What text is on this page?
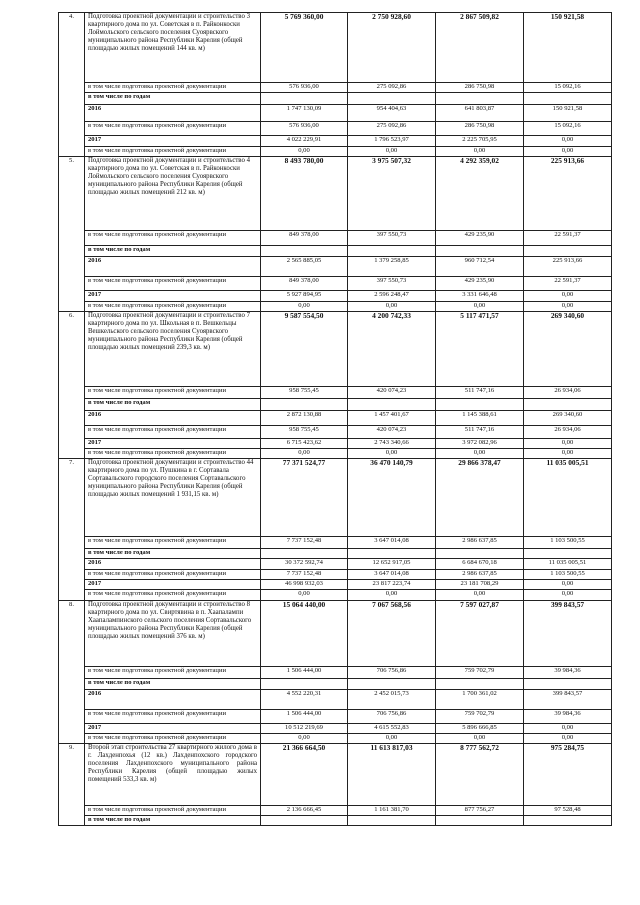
4.	Подготовка проектной документации и строительство 3 квартирного дома по ул. Советская в п. Райконкоски Лоймольского сельского поселения Суоярвского муниципального района Республики Карелия (общей площадью жилых помещений 144 кв. м)	5 769 360,00	2 750 928,60	2 867 509,82	150 921,58
	в том числе подготовка проектной документации	576 936,00	275 092,86	286 750,98	15 092,16
	в том числе по годам				
	2016	1 747 130,09	954 404,63	641 803,87	150 921,58
	в том числе подготовка проектной документации	576 936,00	275 092,86	286 750,98	15 092,16
	2017	4 022 229,91	1 796 523,97	2 225 705,95	0,00
	в том числе подготовка проектной документации	0,00	0,00	0,00	0,00
5.	Подготовка проектной документации и строительство 4 квартирного дома по ул. Советская в п. Райконкоски Лоймольского сельского поселения Суоярвского муниципального района Республики Карелия (общей площадью жилых помещений 212 кв. м)	8 493 780,00	3 975 507,32	4 292 359,02	225 913,66
	в том числе подготовка проектной документации	849 378,00	397 550,73	429 235,90	22 591,37
	в том числе по годам				
	2016	2 565 885,05	1 379 258,85	960 712,54	225 913,66
	в том числе подготовка проектной документации	849 378,00	397 550,73	429 235,90	22 591,37
	2017	5 927 894,95	2 596 248,47	3 331 646,48	0,00
	в том числе подготовка проектной документации	0,00	0,00	0,00	0,00
6.	Подготовка проектной документации и строительство 7 квартирного дома по ул. Школьная в п. Вешкельцы Вешкельского сельского поселения Суоярвского муниципального района Республики Карелия (общей площадью жилых помещений 239,3 кв. м)	9 587 554,50	4 200 742,33	5 117 471,57	269 340,60
	в том числе подготовка проектной документации	958 755,45	420 074,23	511 747,16	26 934,06
	в том числе по годам				
	2016	2 872 130,88	1 457 401,67	1 145 388,61	269 340,60
	в том числе подготовка проектной документации	958 755,45	420 074,23	511 747,16	26 934,06
	2017	6 715 423,62	2 743 340,66	3 972 082,96	0,00
	в том числе подготовка проектной документации	0,00	0,00	0,00	0,00
7.	Подготовка проектной документации и строительство 44 квартирного дома по ул. Пушкина в г. Сортавала Сортавальского городского поселения Сортавальского муниципального района Республики Карелия (общей площадью жилых помещений 1 931,15 кв. м)	77 371 524,77	36 470 140,79	29 866 378,47	11 035 005,51
	в том числе подготовка проектной документации	7 737 152,48	3 647 014,08	2 986 637,85	1 103 500,55
	в том числе по годам				
	2016	30 372 592,74	12 652 917,05	6 684 670,18	11 035 005,51
	в том числе подготовка проектной документации	7 737 152,48	3 647 014,08	2 986 637,85	1 103 500,55
	2017	46 998 932,03	23 817 223,74	23 181 708,29	0,00
	в том числе подготовка проектной документации	0,00	0,00	0,00	0,00
8.	Подготовка проектной документации и строительство 8 квартирного дома по ул. Свиртявина в п. Хаапалампи Хаапалампинского сельского поселения Сортавальского муниципального района Республики Карелия (общей площадью жилых помещений 376 кв. м)	15 064 440,00	7 067 568,56	7 597 027,87	399 843,57
	в том числе подготовка проектной документации	1 506 444,00	706 756,86	759 702,79	39 984,36
	в том числе по годам				
	2016	4 552 220,31	2 452 015,73	1 700 361,02	399 843,57
	в том числе подготовка проектной документации	1 506 444,00	706 756,86	759 702,79	39 984,36
	2017	10 512 219,69	4 615 552,83	5 896 666,85	0,00
	в том числе подготовка проектной документации	0,00	0,00	0,00	0,00
9.	Второй этап строительства 27 квартирного жилого дома в г. Лахденпохья (12 кв.) Лахденпохского городского поселения Лахденпохского муниципального района Республики Карелия (общей площадью жилых помещений 533,3 кв. м)	21 366 664,50	11 613 817,03	8 777 562,72	975 284,75
	в том числе подготовка проектной документации	2 136 666,45	1 161 381,70	877 756,27	97 528,48
	в том числе по годам				
